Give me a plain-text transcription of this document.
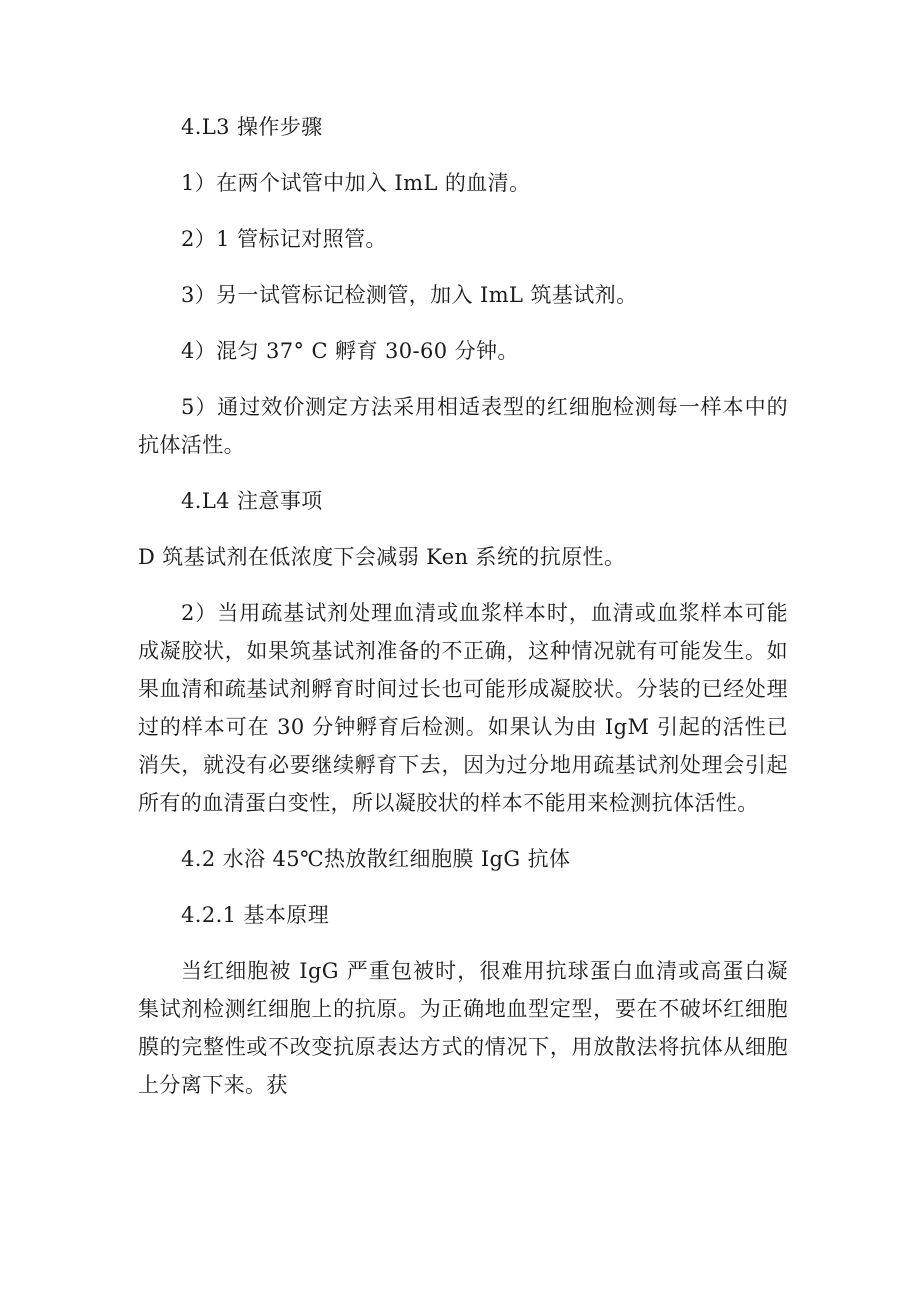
4.L3 操作步骤

1）在两个试管中加入 ImL 的血清。

2）1 管标记对照管。

3）另一试管标记检测管，加入 ImL 筑基试剂。

4）混匀 37° C 孵育 30-60 分钟。

5）通过效价测定方法采用相适表型的红细胞检测每一样本中的抗体活性。

4.L4 注意事项

D 筑基试剂在低浓度下会减弱 Ken 系统的抗原性。

2）当用疏基试剂处理血清或血浆样本时，血清或血浆样本可能成凝胶状，如果筑基试剂准备的不正确，这种情况就有可能发生。如果血清和疏基试剂孵育时间过长也可能形成凝胶状。分装的已经处理过的样本可在 30 分钟孵育后检测。如果认为由 IgM 引起的活性已消失，就没有必要继续孵育下去，因为过分地用疏基试剂处理会引起所有的血清蛋白变性，所以凝胶状的样本不能用来检测抗体活性。

4.2 水浴 45℃热放散红细胞膜 IgG 抗体

4.2.1 基本原理

当红细胞被 IgG 严重包被时，很难用抗球蛋白血清或高蛋白凝集试剂检测红细胞上的抗原。为正确地血型定型，要在不破坏红细胞膜的完整性或不改变抗原表达方式的情况下，用放散法将抗体从细胞上分离下来。获
